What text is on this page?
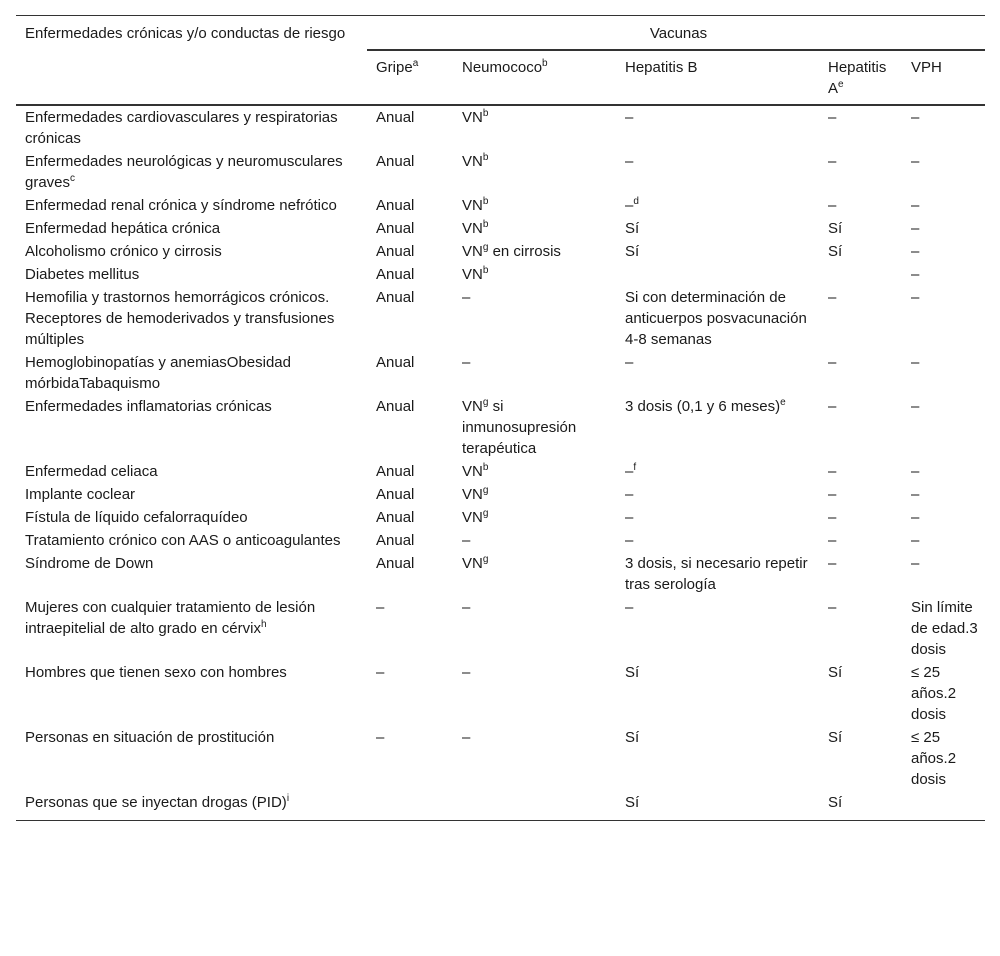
Enfermedades crónicas y/o conductas de riesgo	Vacunas				
	Gripe$^a$	Neumococo$^b$	Hepatitis B	Hepatitis $A^e$	VPH
Enfermedades cardiovasculares y respiratorias crónicas	Anual	$VN^b$	–	–	–
Enfermedades neurológicas y neuromusculares graves$^c$	Anual	$VN^b$	–	–	–
Enfermedad renal crónica y síndrome nefrótico	Anual	$VN^b$	–$^d$	–	–
Enfermedad hepática crónica	Anual	$VN^b$	Sí	Sí	–
Alcoholismo crónico y cirrosis	Anual	$VN^g$ en cirrosis	Sí	Sí	–
Diabetes mellitus	Anual	$VN^b$			–
Hemofilia y trastornos hemorrágicos crónicos. Receptores de hemoderivados y transfusiones múltiples	Anual	–	Si con determinación de anticuerpos posvacunación 4-8 semanas	–	–
Hemoglobinopatías y anemiasObesidad mórbidaTabaquismo	Anual	–	–	–	–
Enfermedades inflamatorias crónicas	Anual	$VN^g$ si inmunosupresión terapéutica	3 dosis (0,1 y 6 meses)$^e$	–	–
Enfermedad celiaca	Anual	$VN^b$	–$^f$	–	–
Implante coclear	Anual	$VN^g$	–	–	–
Fístula de líquido cefalorraquídeo	Anual	$VN^g$	–	–	–
Tratamiento crónico con AAS o anticoagulantes	Anual	–	–	–	–
Síndrome de Down	Anual	$VN^g$	3 dosis, si necesario repetir tras serología	–	–
Mujeres con cualquier tratamiento de lesión intraepitelial de alto grado en cérvix$^h$	–	–	–	–	Sin límite de edad.3 dosis
Hombres que tienen sexo con hombres	–	–	Sí	Sí	≤ 25 años.2 dosis
Personas en situación de prostitución	–	–	Sí	Sí	≤ 25 años.2 dosis
Personas que se inyectan drogas (PID)$^i$			Sí	Sí	
